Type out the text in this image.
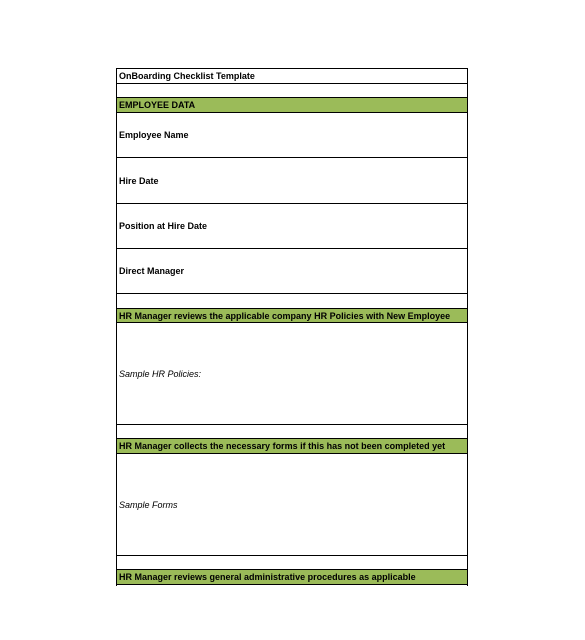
OnBoarding Checklist Template
EMPLOYEE DATA
Employee Name
Hire Date
Position at Hire Date
Direct Manager
HR Manager reviews the applicable company HR Policies with New Employee
Sample HR Policies:
HR Manager collects the necessary forms if this has not been completed yet
Sample Forms
HR Manager reviews general administrative procedures as applicable
